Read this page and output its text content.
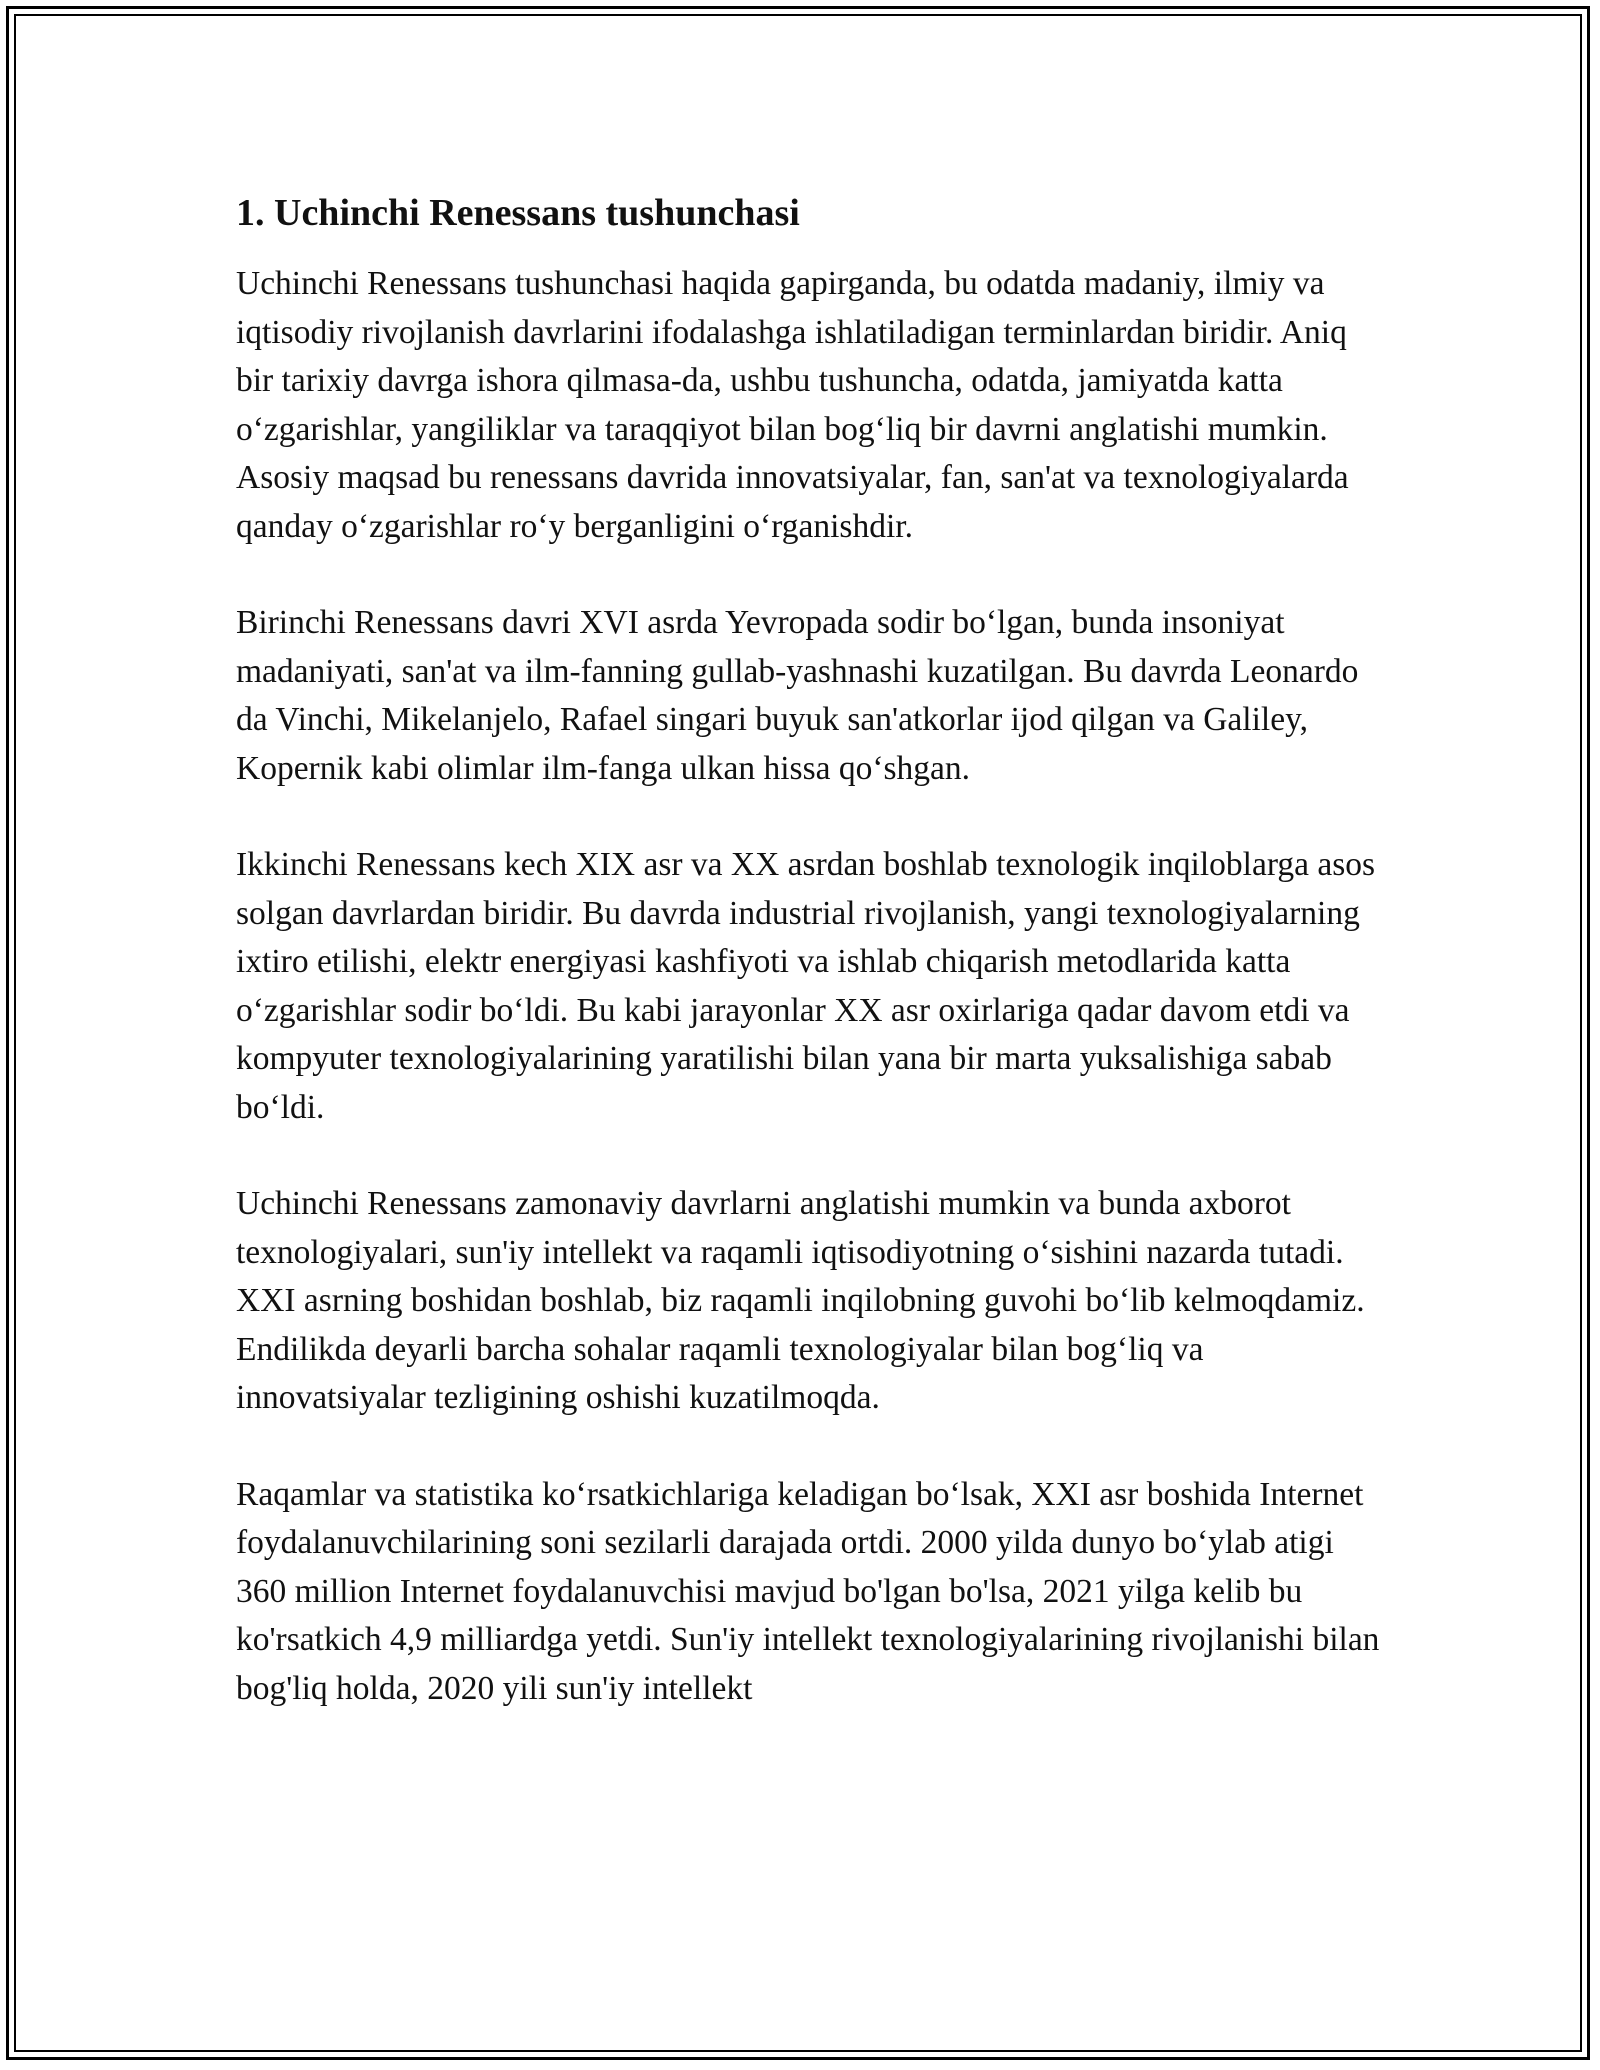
1. Uchinchi Renessans tushunchasi

Uchinchi Renessans tushunchasi haqida gapirganda, bu odatda madaniy, ilmiy va iqtisodiy rivojlanish davrlarini ifodalashga ishlatiladigan terminlardan biridir. Aniq bir tarixiy davrga ishora qilmasa-da, ushbu tushuncha, odatda, jamiyatda katta o‘zgarishlar, yangiliklar va taraqqiyot bilan bog‘liq bir davrni anglatishi mumkin. Asosiy maqsad bu renessans davrida innovatsiyalar, fan, san'at va texnologiyalarda qanday o‘zgarishlar ro‘y berganligini o‘rganishdir.

Birinchi Renessans davri XVI asrda Yevropada sodir bo‘lgan, bunda insoniyat madaniyati, san'at va ilm-fanning gullab-yashnashi kuzatilgan. Bu davrda Leonardo da Vinchi, Mikelanjelo, Rafael singari buyuk san'atkorlar ijod qilgan va Galiley, Kopernik kabi olimlar ilm-fanga ulkan hissa qo‘shgan.

Ikkinchi Renessans kech XIX asr va XX asrdan boshlab texnologik inqiloblarga asos solgan davrlardan biridir. Bu davrda industrial rivojlanish, yangi texnologiyalarning ixtiro etilishi, elektr energiyasi kashfiyoti va ishlab chiqarish metodlarida katta o‘zgarishlar sodir bo‘ldi. Bu kabi jarayonlar XX asr oxirlariga qadar davom etdi va kompyuter texnologiyalarining yaratilishi bilan yana bir marta yuksalishiga sabab bo‘ldi.

Uchinchi Renessans zamonaviy davrlarni anglatishi mumkin va bunda axborot texnologiyalari, sun'iy intellekt va raqamli iqtisodiyotning o‘sishini nazarda tutadi. XXI asrning boshidan boshlab, biz raqamli inqilobning guvohi bo‘lib kelmoqdamiz. Endilikda deyarli barcha sohalar raqamli texnologiyalar bilan bog‘liq va innovatsiyalar tezligining oshishi kuzatilmoqda.

Raqamlar va statistika ko‘rsatkichlariga keladigan bo‘lsak, XXI asr boshida Internet foydalanuvchilarining soni sezilarli darajada ortdi. 2000 yilda dunyo bo‘ylab atigi 360 million Internet foydalanuvchisi mavjud bo'lgan bo'lsa, 2021 yilga kelib bu ko'rsatkich 4,9 milliardga yetdi. Sun'iy intellekt texnologiyalarining rivojlanishi bilan bog'liq holda, 2020 yili sun'iy intellekt
